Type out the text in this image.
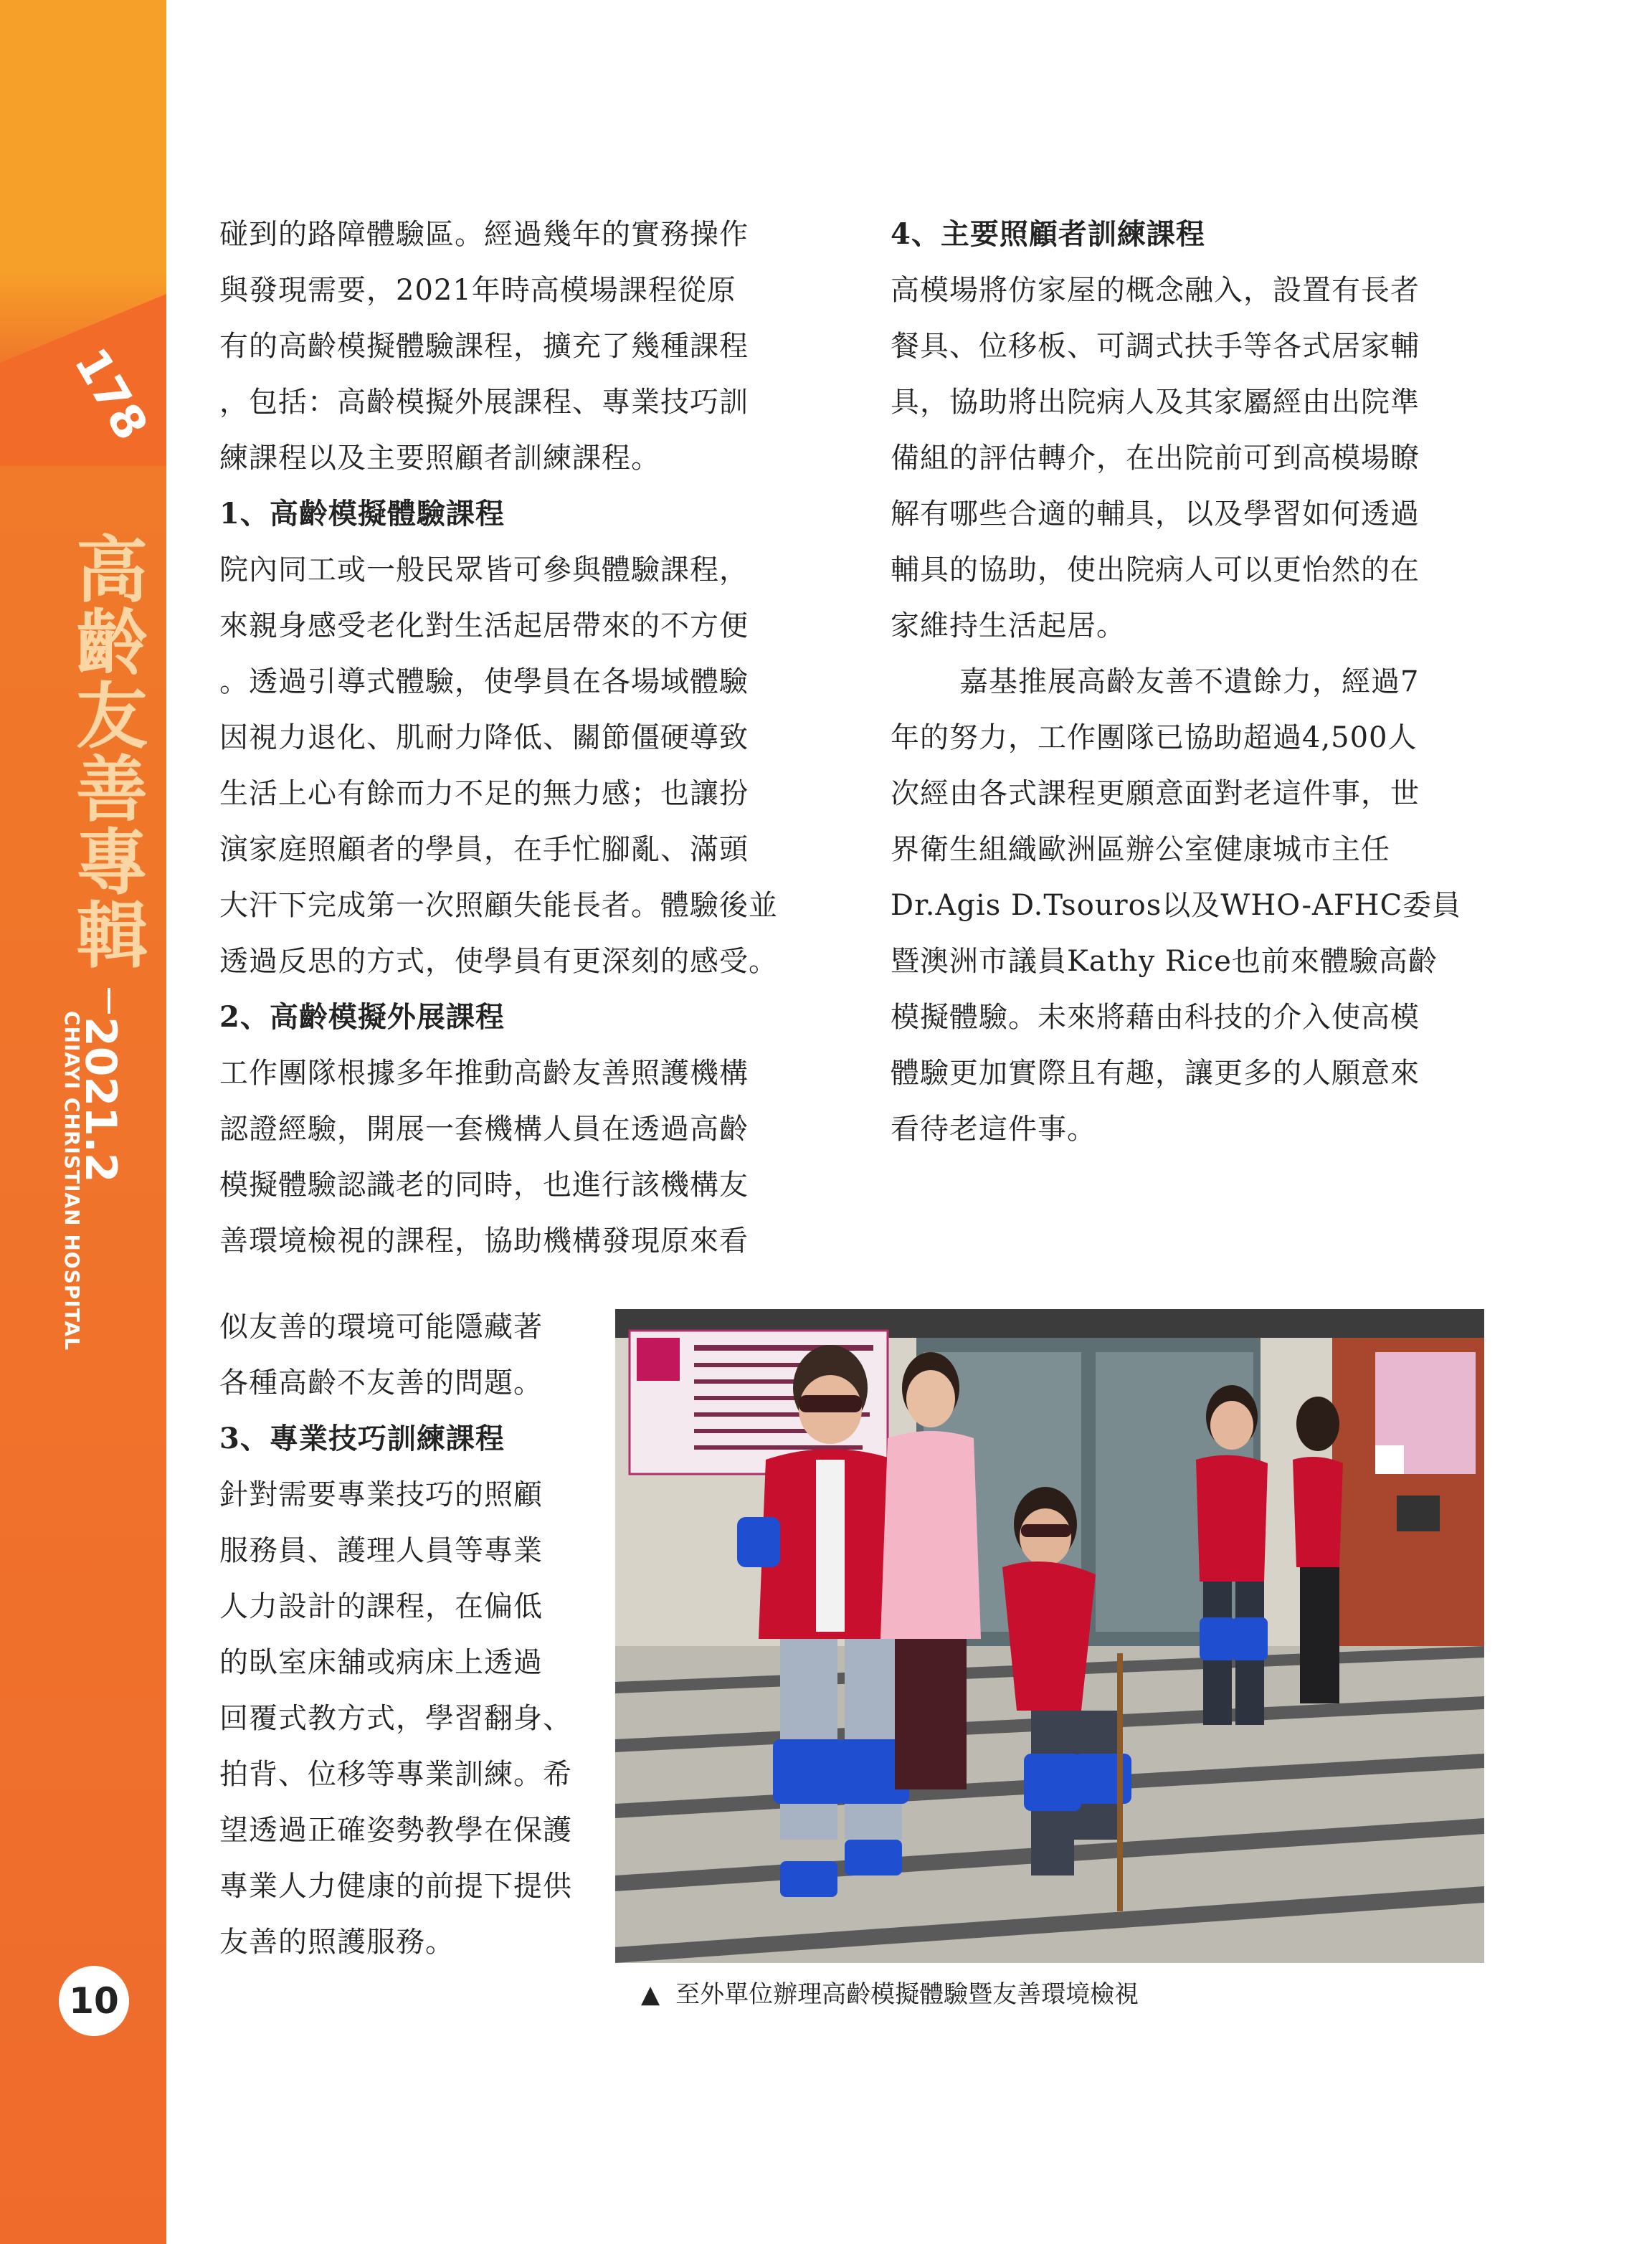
178
高齡友善專輯
2021.2
CHIAYI CHRISTIAN HOSPITAL
10

碰到的路障體驗區。經過幾年的實務操作

與發現需要，2021年時高模場課程從原

有的高齡模擬體驗課程，擴充了幾種課程

，包括：高齡模擬外展課程、專業技巧訓

練課程以及主要照顧者訓練課程。

1、高齡模擬體驗課程

院內同工或一般民眾皆可參與體驗課程，

來親身感受老化對生活起居帶來的不方便

。透過引導式體驗，使學員在各場域體驗

因視力退化、肌耐力降低、關節僵硬導致

生活上心有餘而力不足的無力感；也讓扮

演家庭照顧者的學員，在手忙腳亂、滿頭

大汗下完成第一次照顧失能長者。體驗後並

透過反思的方式，使學員有更深刻的感受。

2、高齡模擬外展課程

工作團隊根據多年推動高齡友善照護機構

認證經驗，開展一套機構人員在透過高齡

模擬體驗認識老的同時，也進行該機構友

善環境檢視的課程，協助機構發現原來看

似友善的環境可能隱藏著

各種高齡不友善的問題。

3、專業技巧訓練課程

針對需要專業技巧的照顧

服務員、護理人員等專業

人力設計的課程，在偏低

的臥室床舖或病床上透過

回覆式教方式，學習翻身、

拍背、位移等專業訓練。希

望透過正確姿勢教學在保護

專業人力健康的前提下提供

友善的照護服務。

4、主要照顧者訓練課程

高模場將仿家屋的概念融入，設置有長者

餐具、位移板、可調式扶手等各式居家輔

具，協助將出院病人及其家屬經由出院準

備組的評估轉介，在出院前可到高模場瞭

解有哪些合適的輔具，以及學習如何透過

輔具的協助，使出院病人可以更怡然的在

家維持生活起居。

嘉基推展高齡友善不遺餘力，經過7

年的努力，工作團隊已協助超過4,500人

次經由各式課程更願意面對老這件事，世

界衛生組織歐洲區辦公室健康城市主任

Dr.Agis D.Tsouros以及WHO-AFHC委員

暨澳洲市議員Kathy Rice也前來體驗高齡

模擬體驗。未來將藉由科技的介入使高模

體驗更加實際且有趣，讓更多的人願意來

看待老這件事。

▲ 至外單位辦理高齡模擬體驗暨友善環境檢視
